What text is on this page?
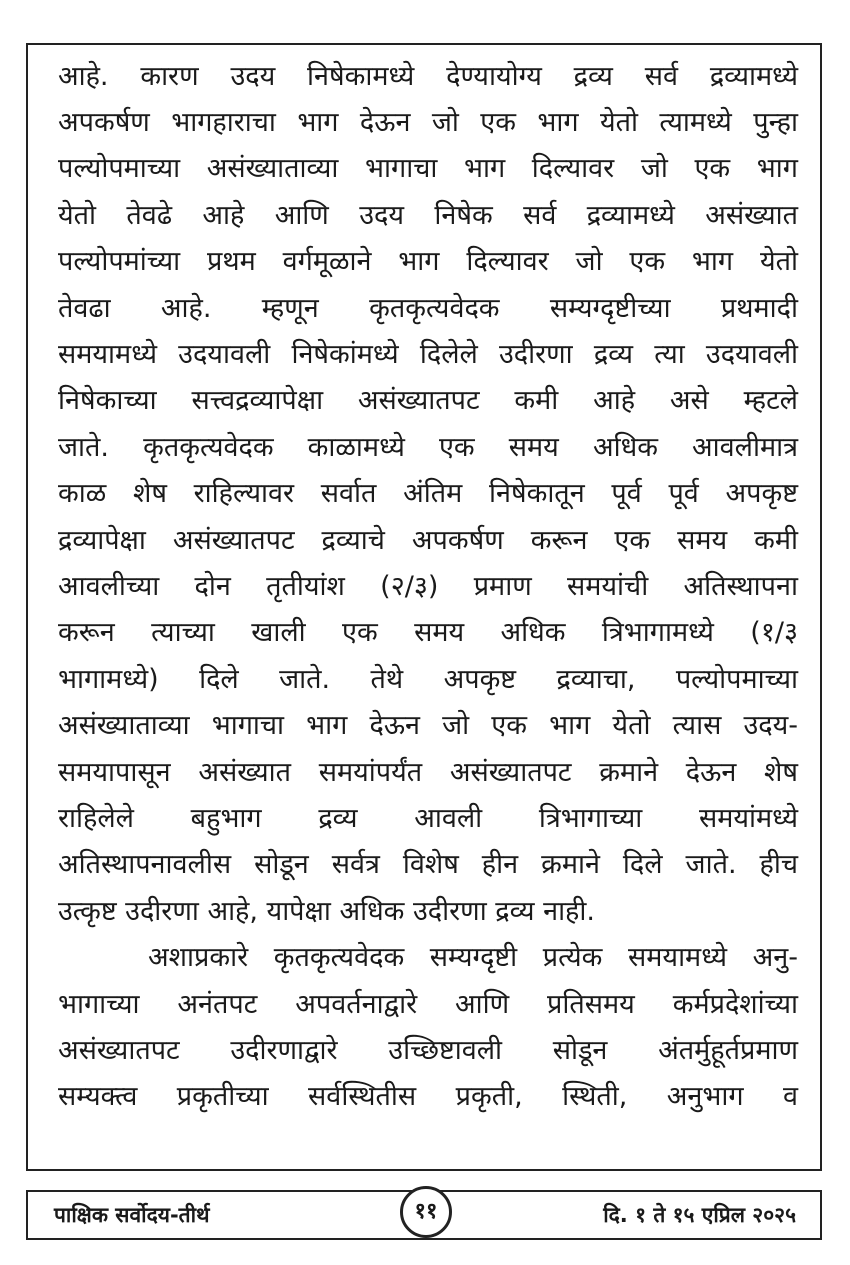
आहे. कारण उदय निषेकामध्ये देण्यायोग्य द्रव्य सर्व द्रव्यामध्ये
अपकर्षण भागहाराचा भाग देऊन जो एक भाग येतो त्यामध्ये पुन्हा
पल्योपमाच्या असंख्याताव्या भागाचा भाग दिल्यावर जो एक भाग
येतो तेवढे आहे आणि उदय निषेक सर्व द्रव्यामध्ये असंख्यात
पल्योपमांच्या प्रथम वर्गमूळाने भाग दिल्यावर जो एक भाग येतो
तेवढा आहे. म्हणून कृतकृत्यवेदक सम्यग्दृष्टीच्या प्रथमादी
समयामध्ये उदयावली निषेकांमध्ये दिलेले उदीरणा द्रव्य त्या उदयावली
निषेकाच्या सत्त्वद्रव्यापेक्षा असंख्यातपट कमी आहे असे म्हटले
जाते. कृतकृत्यवेदक काळामध्ये एक समय अधिक आवलीमात्र
काळ शेष राहिल्यावर सर्वात अंतिम निषेकातून पूर्व पूर्व अपकृष्ट
द्रव्यापेक्षा असंख्यातपट द्रव्याचे अपकर्षण करून एक समय कमी
आवलीच्या दोन तृतीयांश (२/३) प्रमाण समयांची अतिस्थापना
करून त्याच्या खाली एक समय अधिक त्रिभागामध्ये (१/३
भागामध्ये) दिले जाते. तेथे अपकृष्ट द्रव्याचा, पल्योपमाच्या
असंख्याताव्या भागाचा भाग देऊन जो एक भाग येतो त्यास उदय-
समयापासून असंख्यात समयांपर्यंत असंख्यातपट क्रमाने देऊन शेष
राहिलेले बहुभाग द्रव्य आवली त्रिभागाच्या समयांमध्ये
अतिस्थापनावलीस सोडून सर्वत्र विशेष हीन क्रमाने दिले जाते. हीच
उत्कृष्ट उदीरणा आहे, यापेक्षा अधिक उदीरणा द्रव्य नाही.
अशाप्रकारे कृतकृत्यवेदक सम्यग्दृष्टी प्रत्येक समयामध्ये अनु-
भागाच्या अनंतपट अपवर्तनाद्वारे आणि प्रतिसमय कर्मप्रदेशांच्या
असंख्यातपट उदीरणाद्वारे उच्छिष्टावली सोडून अंतर्मुहूर्तप्रमाण
सम्यक्त्व प्रकृतीच्या सर्वस्थितीस प्रकृती, स्थिती, अनुभाग व
पाक्षिक सर्वोदय-तीर्थ	११	दि. १ ते १५ एप्रिल २०२५
